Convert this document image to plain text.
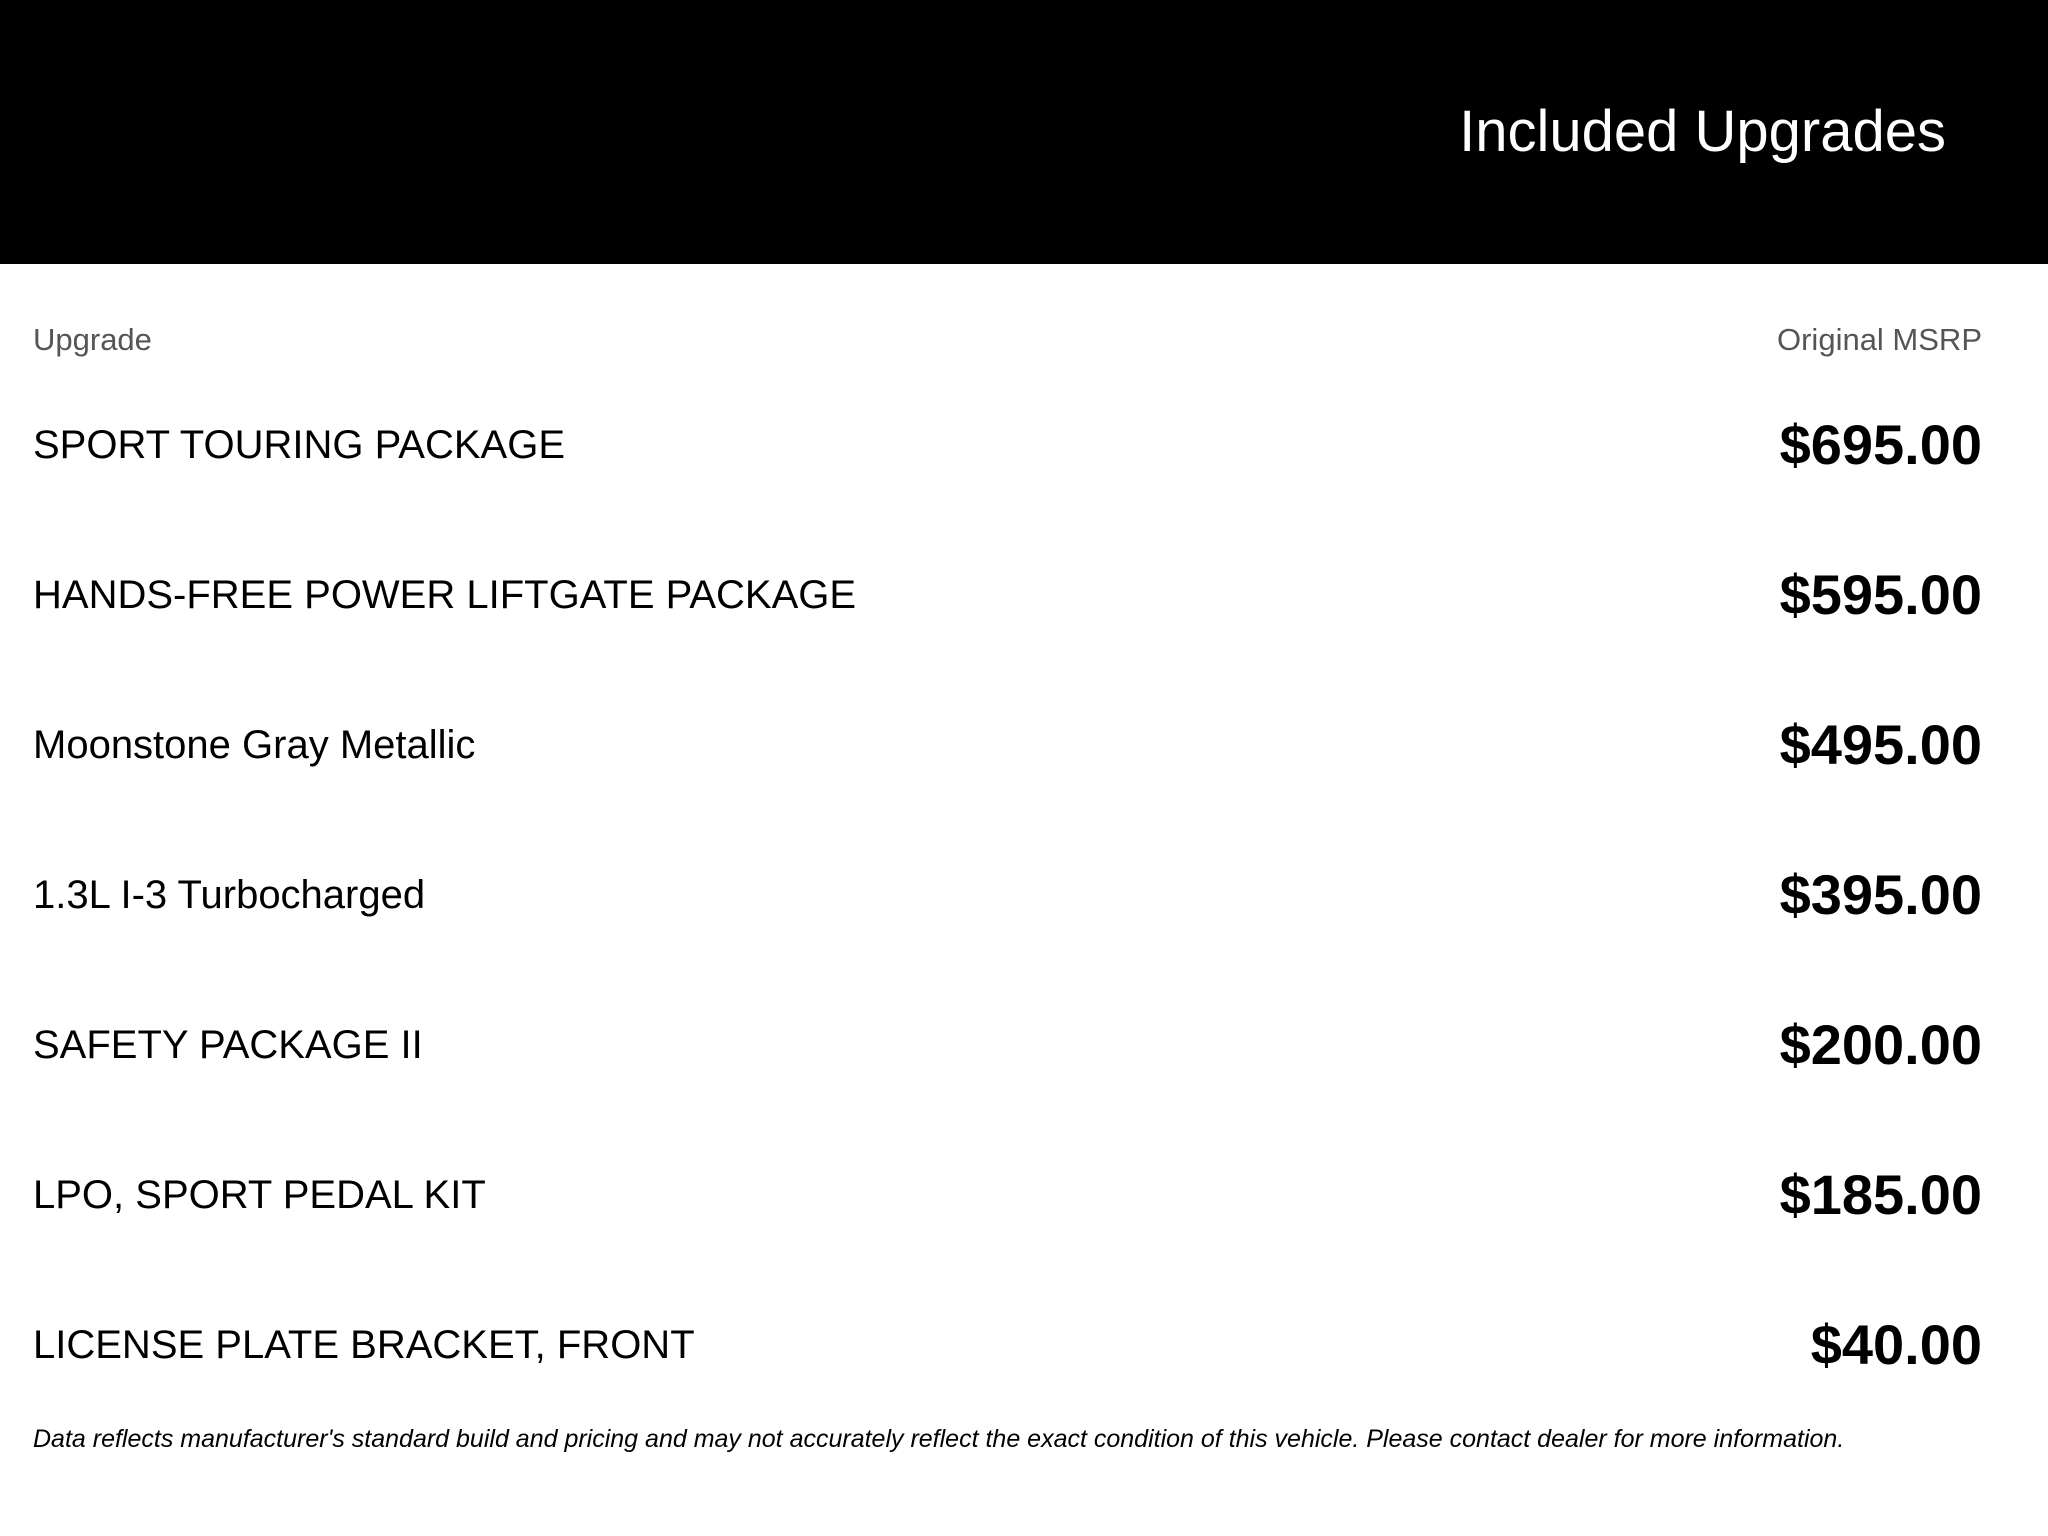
Included Upgrades
Upgrade	Original MSRP
SPORT TOURING PACKAGE	$695.00
HANDS-FREE POWER LIFTGATE PACKAGE	$595.00
Moonstone Gray Metallic	$495.00
1.3L I-3 Turbocharged	$395.00
SAFETY PACKAGE II	$200.00
LPO, SPORT PEDAL KIT	$185.00
LICENSE PLATE BRACKET, FRONT	$40.00
Data reflects manufacturer's standard build and pricing and may not accurately reflect the exact condition of this vehicle. Please contact dealer for more information.
